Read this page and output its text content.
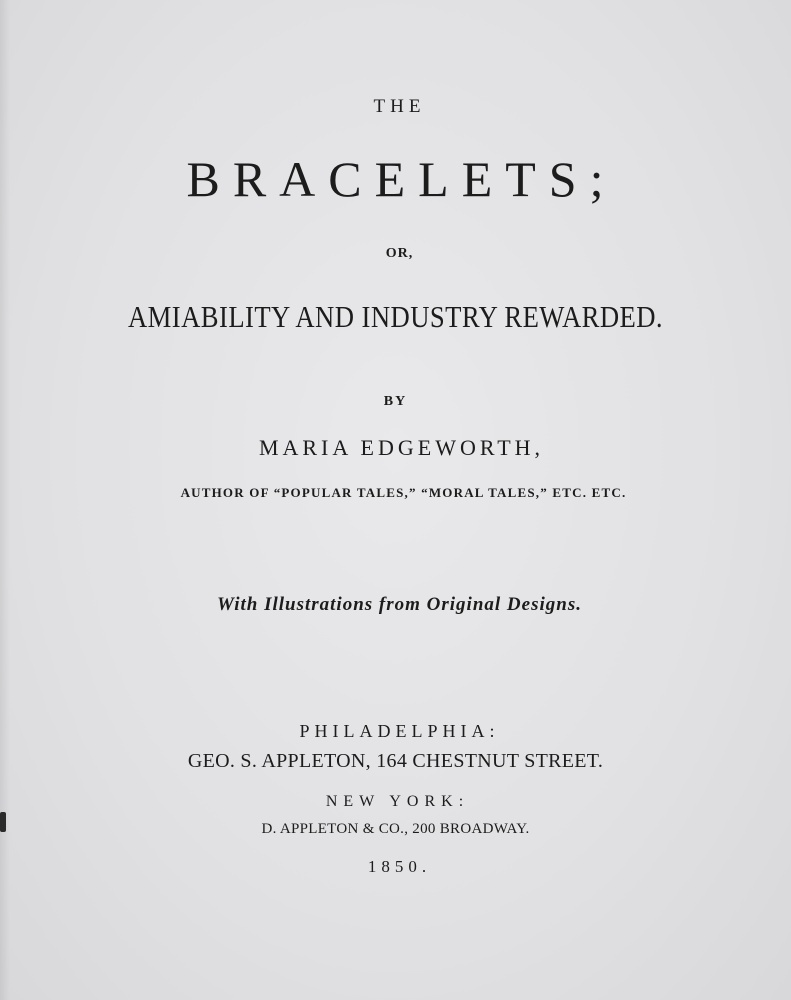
THE
BRACELETS;
OR,
AMIABILITY AND INDUSTRY REWARDED.
BY
MARIA EDGEWORTH,
AUTHOR OF “POPULAR TALES,” “MORAL TALES,” ETC. ETC.
With Illustrations from Original Designs.
PHILADELPHIA:
GEO. S. APPLETON, 164 CHESTNUT STREET.
NEW YORK:
D. APPLETON & CO., 200 BROADWAY.
1850.
